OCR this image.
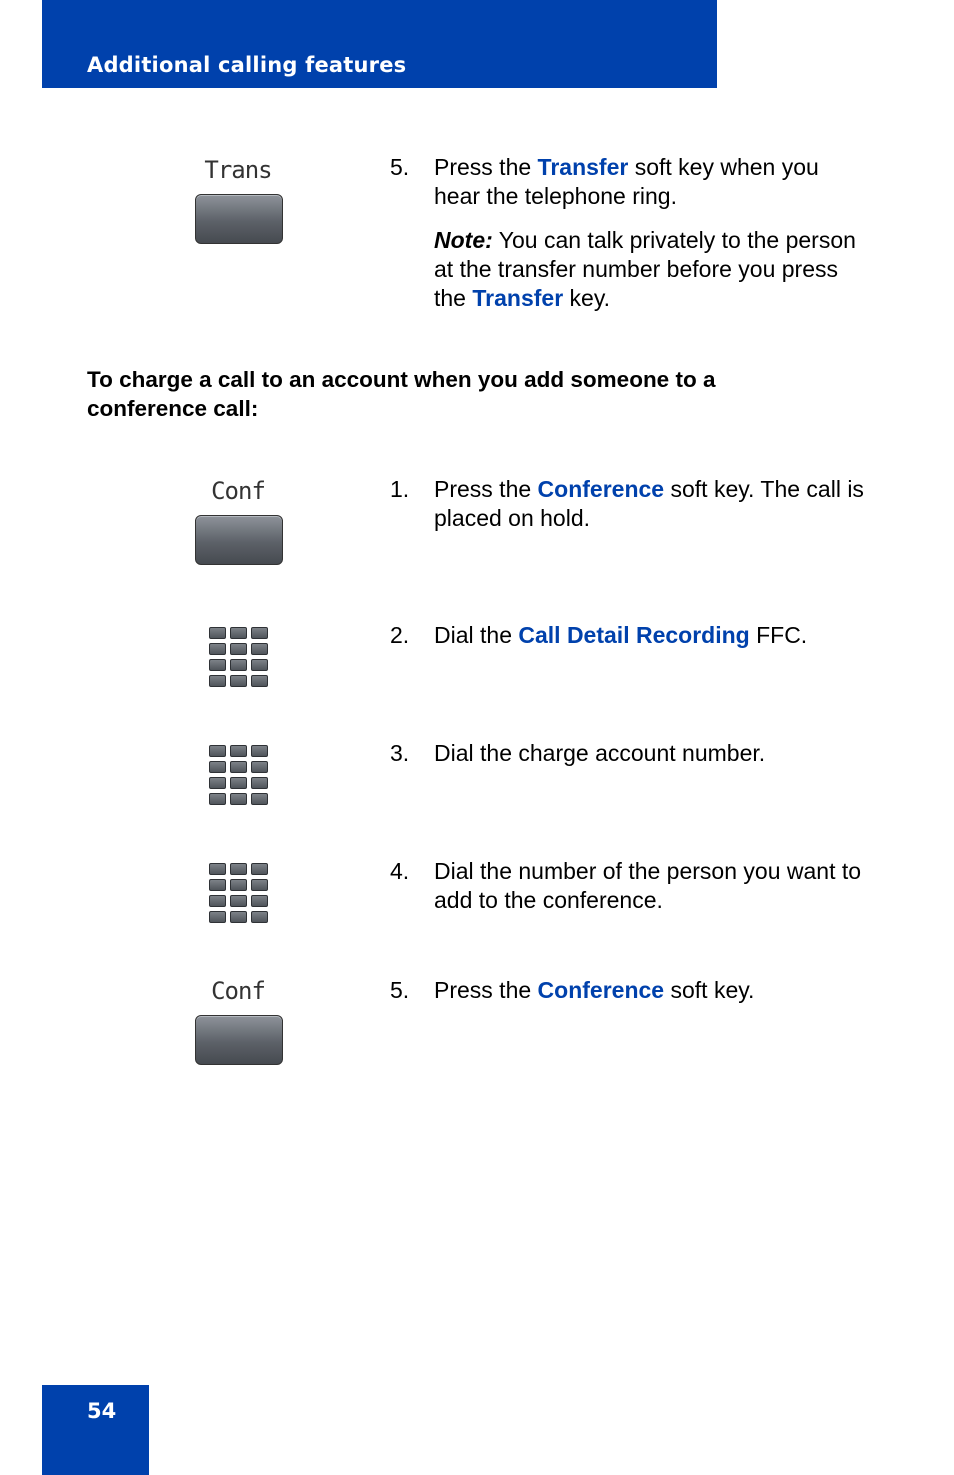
Additional calling features
Trans	5. Press the Transfer soft key when you hear the telephone ring.
Note: You can talk privately to the person at the transfer number before you press the Transfer key.
To charge a call to an account when you add someone to a conference call:
Conf	1. Press the Conference soft key. The call is placed on hold.
2. Dial the Call Detail Recording FFC.
3. Dial the charge account number.
4. Dial the number of the person you want to add to the conference.
Conf	5. Press the Conference soft key.
54
